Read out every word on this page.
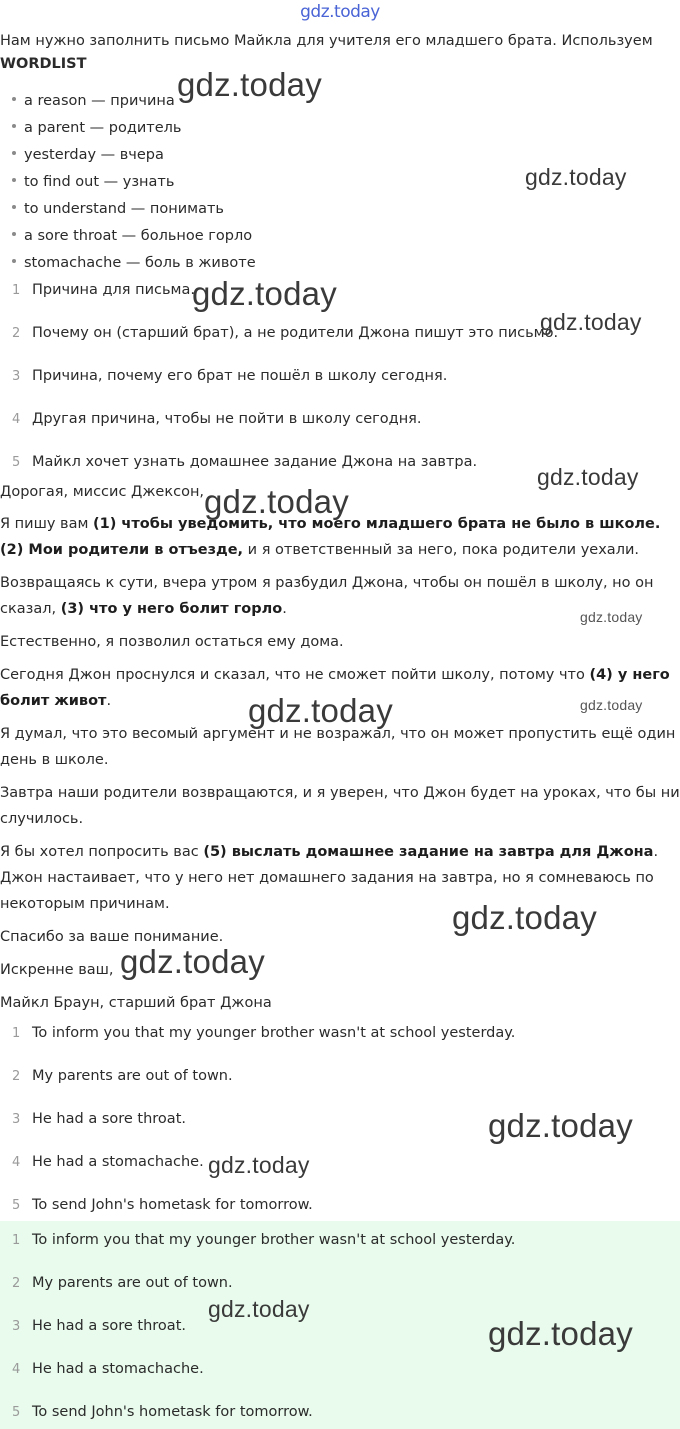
gdz.today
Нам нужно заполнить письмо Майкла для учителя его младшего брата. Используем
WORDLIST
a reason — причина
a parent — родитель
yesterday — вчера
to find out — узнать
to understand — понимать
a sore throat — больное горло
stomachache — боль в животе
1 Причина для письма.
2 Почему он (старший брат), а не родители Джона пишут это письмо.
3 Причина, почему его брат не пошёл в школу сегодня.
4 Другая причина, чтобы не пойти в школу сегодня.
5 Майкл хочет узнать домашнее задание Джона на завтра.
Дорогая, миссис Джексон,
Я пишу вам (1) чтобы уведомить, что моего младшего брата не было в школе. (2) Мои родители в отъезде, и я ответственный за него, пока родители уехали.
Возвращаясь к сути, вчера утром я разбудил Джона, чтобы он пошёл в школу, но он сказал, (3) что у него болит горло.
Естественно, я позволил остаться ему дома.
Сегодня Джон проснулся и сказал, что не сможет пойти школу, потому что (4) у него болит живот.
Я думал, что это весомый аргумент и не возражал, что он может пропустить ещё один день в школе.
Завтра наши родители возвращаются, и я уверен, что Джон будет на уроках, что бы ни случилось.
Я бы хотел попросить вас (5) выслать домашнее задание на завтра для Джона. Джон настаивает, что у него нет домашнего задания на завтра, но я сомневаюсь по некоторым причинам.
Спасибо за ваше понимание.
Искренне ваш,
Майкл Браун, старший брат Джона
1 To inform you that my younger brother wasn't at school yesterday.
2 My parents are out of town.
3 He had a sore throat.
4 He had a stomachache.
5 To send John's hometask for tomorrow.
1 To inform you that my younger brother wasn't at school yesterday.
2 My parents are out of town.
3 He had a sore throat.
4 He had a stomachache.
5 To send John's hometask for tomorrow.
gdz.today
gdz.today
gdz.today
gdz.today
gdz.today
gdz.today
gdz.today
gdz.today
gdz.today
gdz.today
gdz.today
gdz.today
gdz.today
gdz.today
gdz.today
